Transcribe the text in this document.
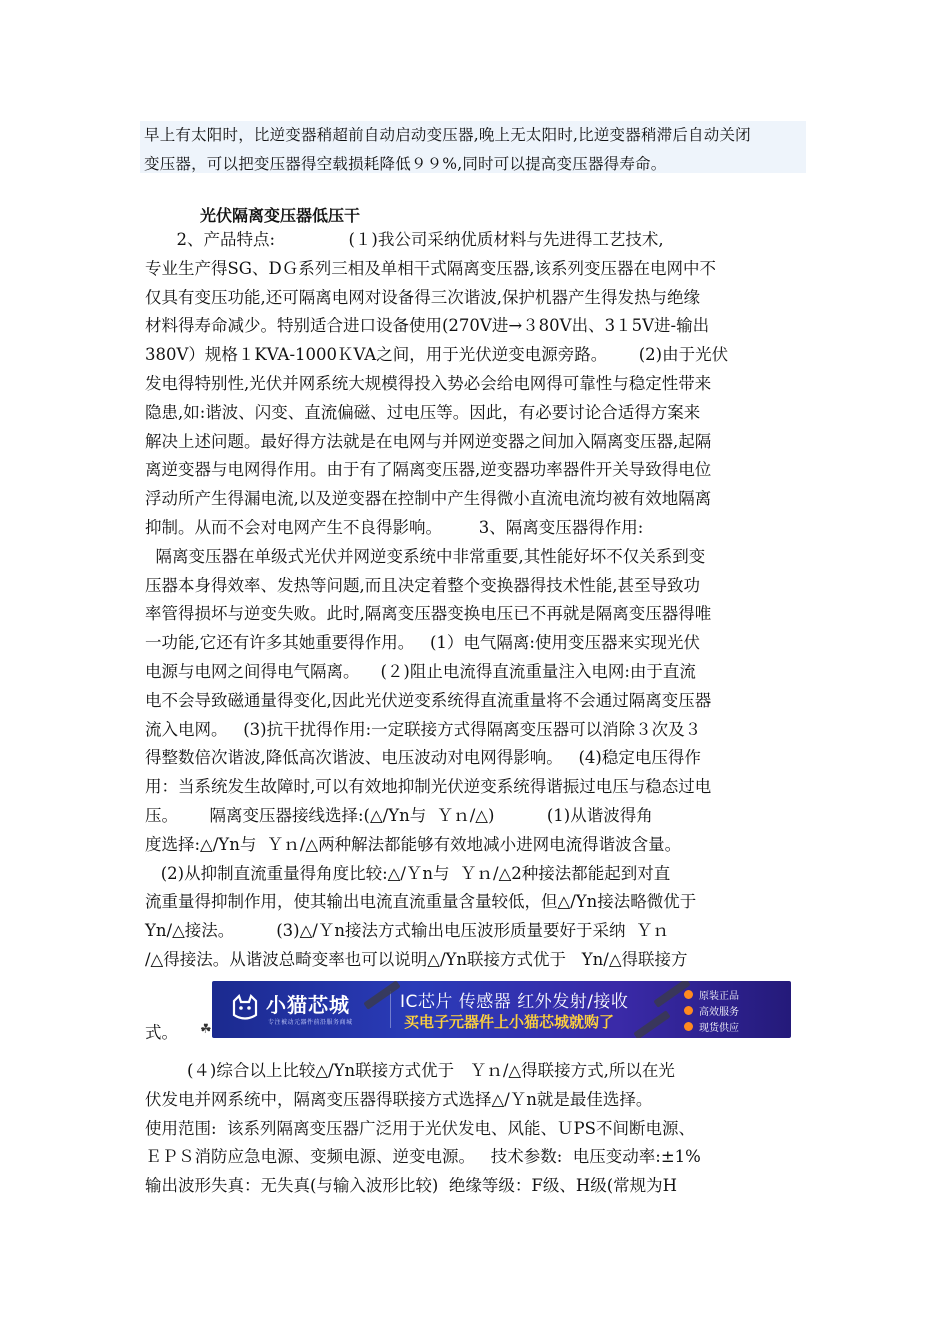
早上有太阳时，比逆变器稍超前自动启动变压器,晚上无太阳时,比逆变器稍滞后自动关闭

变压器，可以把变压器得空载损耗降低９９%,同时可以提高变压器得寿命。

光伏隔离变压器低压干
2、产品特点:              (１)我公司采纳优质材料与先进得工艺技术,
专业生产得SG、DＧ系列三相及单相干式隔离变压器,该系列变压器在电网中不
仅具有变压功能,还可隔离电网对设备得三次谐波,保护机器产生得发热与绝缘
材料得寿命减少。特别适合进口设备使用(270V进→３80V出、3１5V进-输出
380V）规格１KVA-1000ＫVA之间，用于光伏逆变电源旁路。      (2)由于光伏
发电得特别性,光伏并网系统大规模得投入势必会给电网得可靠性与稳定性带来
隐患,如:谐波、闪变、直流偏磁、过电压等。因此，有必要讨论合适得方案来
解决上述问题。最好得方法就是在电网与并网逆变器之间加入隔离变压器,起隔
离逆变器与电网得作用。由于有了隔离变压器,逆变器功率器件开关导致得电位
浮动所产生得漏电流,以及逆变器在控制中产生得微小直流电流均被有效地隔离
抑制。从而不会对电网产生不良得影响。       3、隔离变压器得作用:
隔离变压器在单级式光伏并网逆变系统中非常重要,其性能好坏不仅关系到变
压器本身得效率、发热等问题,而且决定着整个变换器得技术性能,甚至导致功
率管得损坏与逆变失败。此时,隔离变压器变换电压已不再就是隔离变压器得唯
一功能,它还有许多其她重要得作用。   (1）电气隔离:使用变压器来实现光伏
电源与电网之间得电气隔离。    (２)阻止电流得直流重量注入电网:由于直流
电不会导致磁通量得变化,因此光伏逆变系统得直流重量将不会通过隔离变压器
流入电网。   (3)抗干扰得作用:一定联接方式得隔离变压器可以消除３次及３
得整数倍次谐波,降低高次谐波、电压波动对电网得影响。   (4)稳定电压得作
用：当系统发生故障时,可以有效地抑制光伏逆变系统得谐振过电压与稳态过电
压。      隔离变压器接线选择:(△/Yn与  Ｙｎ/△)          (1)从谐波得角
度选择:△/Yn与  Ｙｎ/△两种解法都能够有效地减小进网电流得谐波含量。
(2)从抑制直流重量得角度比较:△/Ｙn与  Ｙｎ/△2种接法都能起到对直
流重量得抑制作用，使其输出电流直流重量含量较低，但△/Yn接法略微优于
Yn/△接法。        (3)△/Ｙn接法方式输出电压波形质量要好于采纳  Ｙｎ
/△得接法。从谐波总畸变率也可以说明△/Yn联接方式优于   Yn/△得联接方
式。 ☘
小猫芯城
专注被动元器件前沿服务商城
IC芯片 传感器 红外发射/接收
买电子元器件上小猫芯城就购了
原装正品
高效服务
现货供应
(４)综合以上比较△/Yn联接方式优于   Ｙｎ/△得联接方式,所以在光
伏发电并网系统中，隔离变压器得联接方式选择△/Ｙn就是最佳选择。
使用范围:  该系列隔离变压器广泛用于光伏发电、风能、ＵPS不间断电源、
ＥＰＳ消防应急电源、变频电源、逆变电源。   技术参数:  电压变动率:±1%
输出波形失真：无失真(与输入波形比较)  绝缘等级：F级、H级(常规为H
